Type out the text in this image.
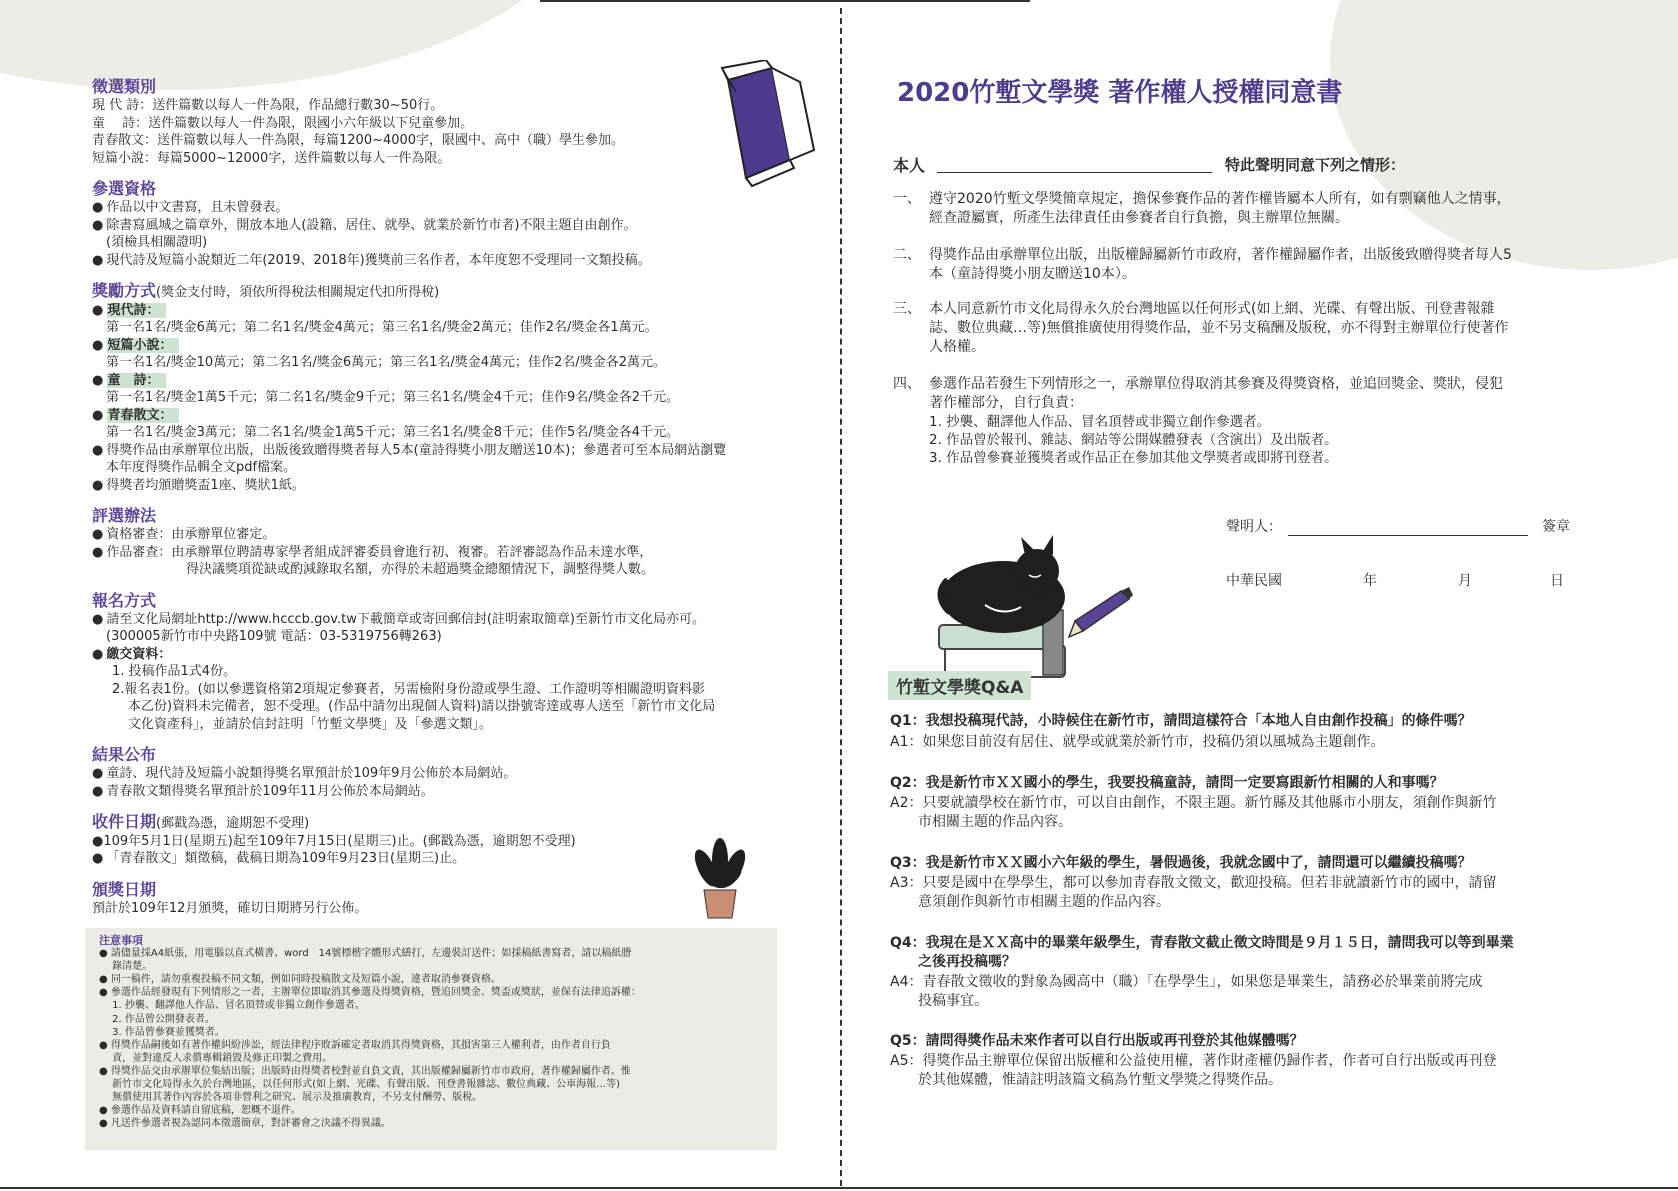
徵選類別

現 代 詩：送件篇數以每人一件為限，作品總行數30~50行。

童　 詩：送件篇數以每人一件為限，限國小六年級以下兒童參加。

青春散文：送件篇數以每人一件為限，每篇1200~4000字，限國中、高中（職）學生參加。

短篇小說：每篇5000~12000字，送件篇數以每人一件為限。

參選資格

● 作品以中文書寫，且未曾發表。

● 除書寫風城之篇章外，開放本地人(設籍、居住、就學、就業於新竹市者)不限主題自由創作。

(須檢具相關證明)

● 現代詩及短篇小說類近二年(2019、2018年)獲獎前三名作者，本年度恕不受理同一文類投稿。

獎勵方式(獎金支付時，須依所得稅法相關規定代扣所得稅)

● 現代詩：

第一名1名/獎金6萬元；第二名1名/獎金4萬元；第三名1名/獎金2萬元；佳作2名/獎金各1萬元。

● 短篇小說：

第一名1名/獎金10萬元；第二名1名/獎金6萬元；第三名1名/獎金4萬元；佳作2名/獎金各2萬元。

● 童　詩：

第一名1名/獎金1萬5千元；第二名1名/獎金9千元；第三名1名/獎金4千元；佳作9名/獎金各2千元。

● 青春散文：

第一名1名/獎金3萬元；第二名1名/獎金1萬5千元；第三名1名/獎金8千元；佳作5名/獎金各4千元。

● 得獎作品由承辦單位出版，出版後致贈得獎者每人5本(童詩得獎小朋友贈送10本)；參選者可至本局網站瀏覽

本年度得獎作品輯全文pdf檔案。

● 得獎者均頒贈獎盃1座、獎狀1紙。

評選辦法

● 資格審查：由承辦單位審定。

● 作品審查：由承辦單位聘請專家學者組成評審委員會進行初、複審。若評審認為作品未達水準，

得決議獎項從缺或酌減錄取名額，亦得於未超過獎金總額情況下，調整得獎人數。

報名方式

● 請至文化局網址http://www.hcccb.gov.tw下載簡章或寄回郵信封(註明索取簡章)至新竹市文化局亦可。

(300005新竹市中央路109號 電話：03-5319756轉263)

● 繳交資料：

1. 投稿作品1式4份。

2.報名表1份。(如以參選資格第2項規定參賽者，另需檢附身份證或學生證、工作證明等相關證明資料影

本乙份)資料未完備者，恕不受理。(作品中請勿出現個人資料)請以掛號寄達或專人送至「新竹市文化局

文化資產科」，並請於信封註明「竹塹文學獎」及「參選文類」。

結果公布

● 童詩、現代詩及短篇小說類得獎名單預計於109年9月公佈於本局網站。

● 青春散文類得獎名單預計於109年11月公佈於本局網站。

收件日期(郵戳為憑，逾期恕不受理)

●109年5月1日(星期五)起至109年7月15日(星期三)止。(郵戳為憑，逾期恕不受理)

● 「青春散文」類徵稿，截稿日期為109年9月23日(星期三)止。

頒獎日期

預計於109年12月頒獎，確切日期將另行公佈。

注意事項

● 請儘量採A4紙張，用電腦以直式橫書、word　14號標楷字體形式繕打，左邊裝訂送件；如採稿紙書寫者，請以稿紙謄

　 錄清楚。

● 同一稿件，請勿重複投稿不同文類，例如同時投稿散文及短篇小說，違者取消參賽資格。

● 參選作品經發現有下列情形之一者，主辦單位即取消其參選及得獎資格，暨追回獎金、獎盃或獎狀，並保有法律追訴權：

　 1. 抄襲、翻譯他人作品、冒名頂替或非獨立創作參選者。

　 2. 作品曾公開發表者。

　 3. 作品曾參賽並獲獎者。

● 得獎作品嗣後如有著作權糾紛涉訟，經法律程序敗訴確定者取消其得獎資格，其損害第三人權利者，由作者自行負

　 責，並對違反人求償專輯銷毀及修正印製之費用。

● 得獎作品交由承辦單位集結出版；出版時由得獎者校對並自負文責，其出版權歸屬新竹市市政府，著作權歸屬作者。惟

　 新竹市文化局得永久於台灣地區，以任何形式(如上網、光碟、有聲出版、刊登書報雜誌、數位典藏、公車海報…等)

　 無償使用其著作內容於各項非營利之研究、展示及推廣教育，不另支付酬勞、版稅。

● 參選作品及資料請自留底稿，恕概不退件。

● 凡送件參選者視為認同本徵選簡章，對評審會之決議不得異議。

2020竹塹文學獎 著作權人授權同意書

本人	特此聲明同意下列之情形：

一、 遵守2020竹塹文學獎簡章規定，擔保參賽作品的著作權皆屬本人所有，如有剽竊他人之情事，

經查證屬實，所產生法律責任由參賽者自行負擔，與主辦單位無關。

二、 得獎作品由承辦單位出版，出版權歸屬新竹市政府，著作權歸屬作者，出版後致贈得獎者每人5

本（童詩得獎小朋友贈送10本）。

三、 本人同意新竹市文化局得永久於台灣地區以任何形式(如上網、光碟、有聲出版、刊登書報雜

誌、數位典藏…等)無償推廣使用得獎作品，並不另支稿酬及版稅，亦不得對主辦單位行使著作

人格權。

四、 參選作品若發生下列情形之一，承辦單位得取消其參賽及得獎資格，並追回獎金、獎狀，侵犯

著作權部分，自行負責：

1. 抄襲、翻譯他人作品、冒名頂替或非獨立創作參選者。

2. 作品曾於報刊、雜誌、網站等公開媒體發表（含演出）及出版者。

3. 作品曾參賽並獲獎者或作品正在參加其他文學獎者或即將刊登者。

聲明人：	簽章

中華民國	年	月	日

竹塹文學獎Q&A

Q1：我想投稿現代詩，小時候住在新竹市，請問這樣符合「本地人自由創作投稿」的條件嗎？

A1：如果您目前沒有居住、就學或就業於新竹市，投稿仍須以風城為主題創作。

Q2：我是新竹市ＸＸ國小的學生，我要投稿童詩，請問一定要寫跟新竹相關的人和事嗎？

A2：只要就讀學校在新竹市，可以自由創作，不限主題。新竹縣及其他縣市小朋友，須創作與新竹

　　市相關主題的作品內容。

Q3：我是新竹市ＸＸ國小六年級的學生，暑假過後，我就念國中了，請問還可以繼續投稿嗎？

A3：只要是國中在學學生，都可以參加青春散文徵文，歡迎投稿。但若非就讀新竹市的國中，請留

　　意須創作與新竹市相關主題的作品內容。

Q4：我現在是ＸＸ高中的畢業年級學生，青春散文截止徵文時間是９月１５日，請問我可以等到畢業

　　之後再投稿嗎？

A4：青春散文徵收的對象為國高中（職）「在學學生」，如果您是畢業生，請務必於畢業前將完成

　　投稿事宜。

Q5：請問得獎作品未來作者可以自行出版或再刊登於其他媒體嗎？

A5：得獎作品主辦單位保留出版權和公益使用權，著作財產權仍歸作者，作者可自行出版或再刊登

　　於其他媒體，惟請註明該篇文稿為竹塹文學獎之得獎作品。
